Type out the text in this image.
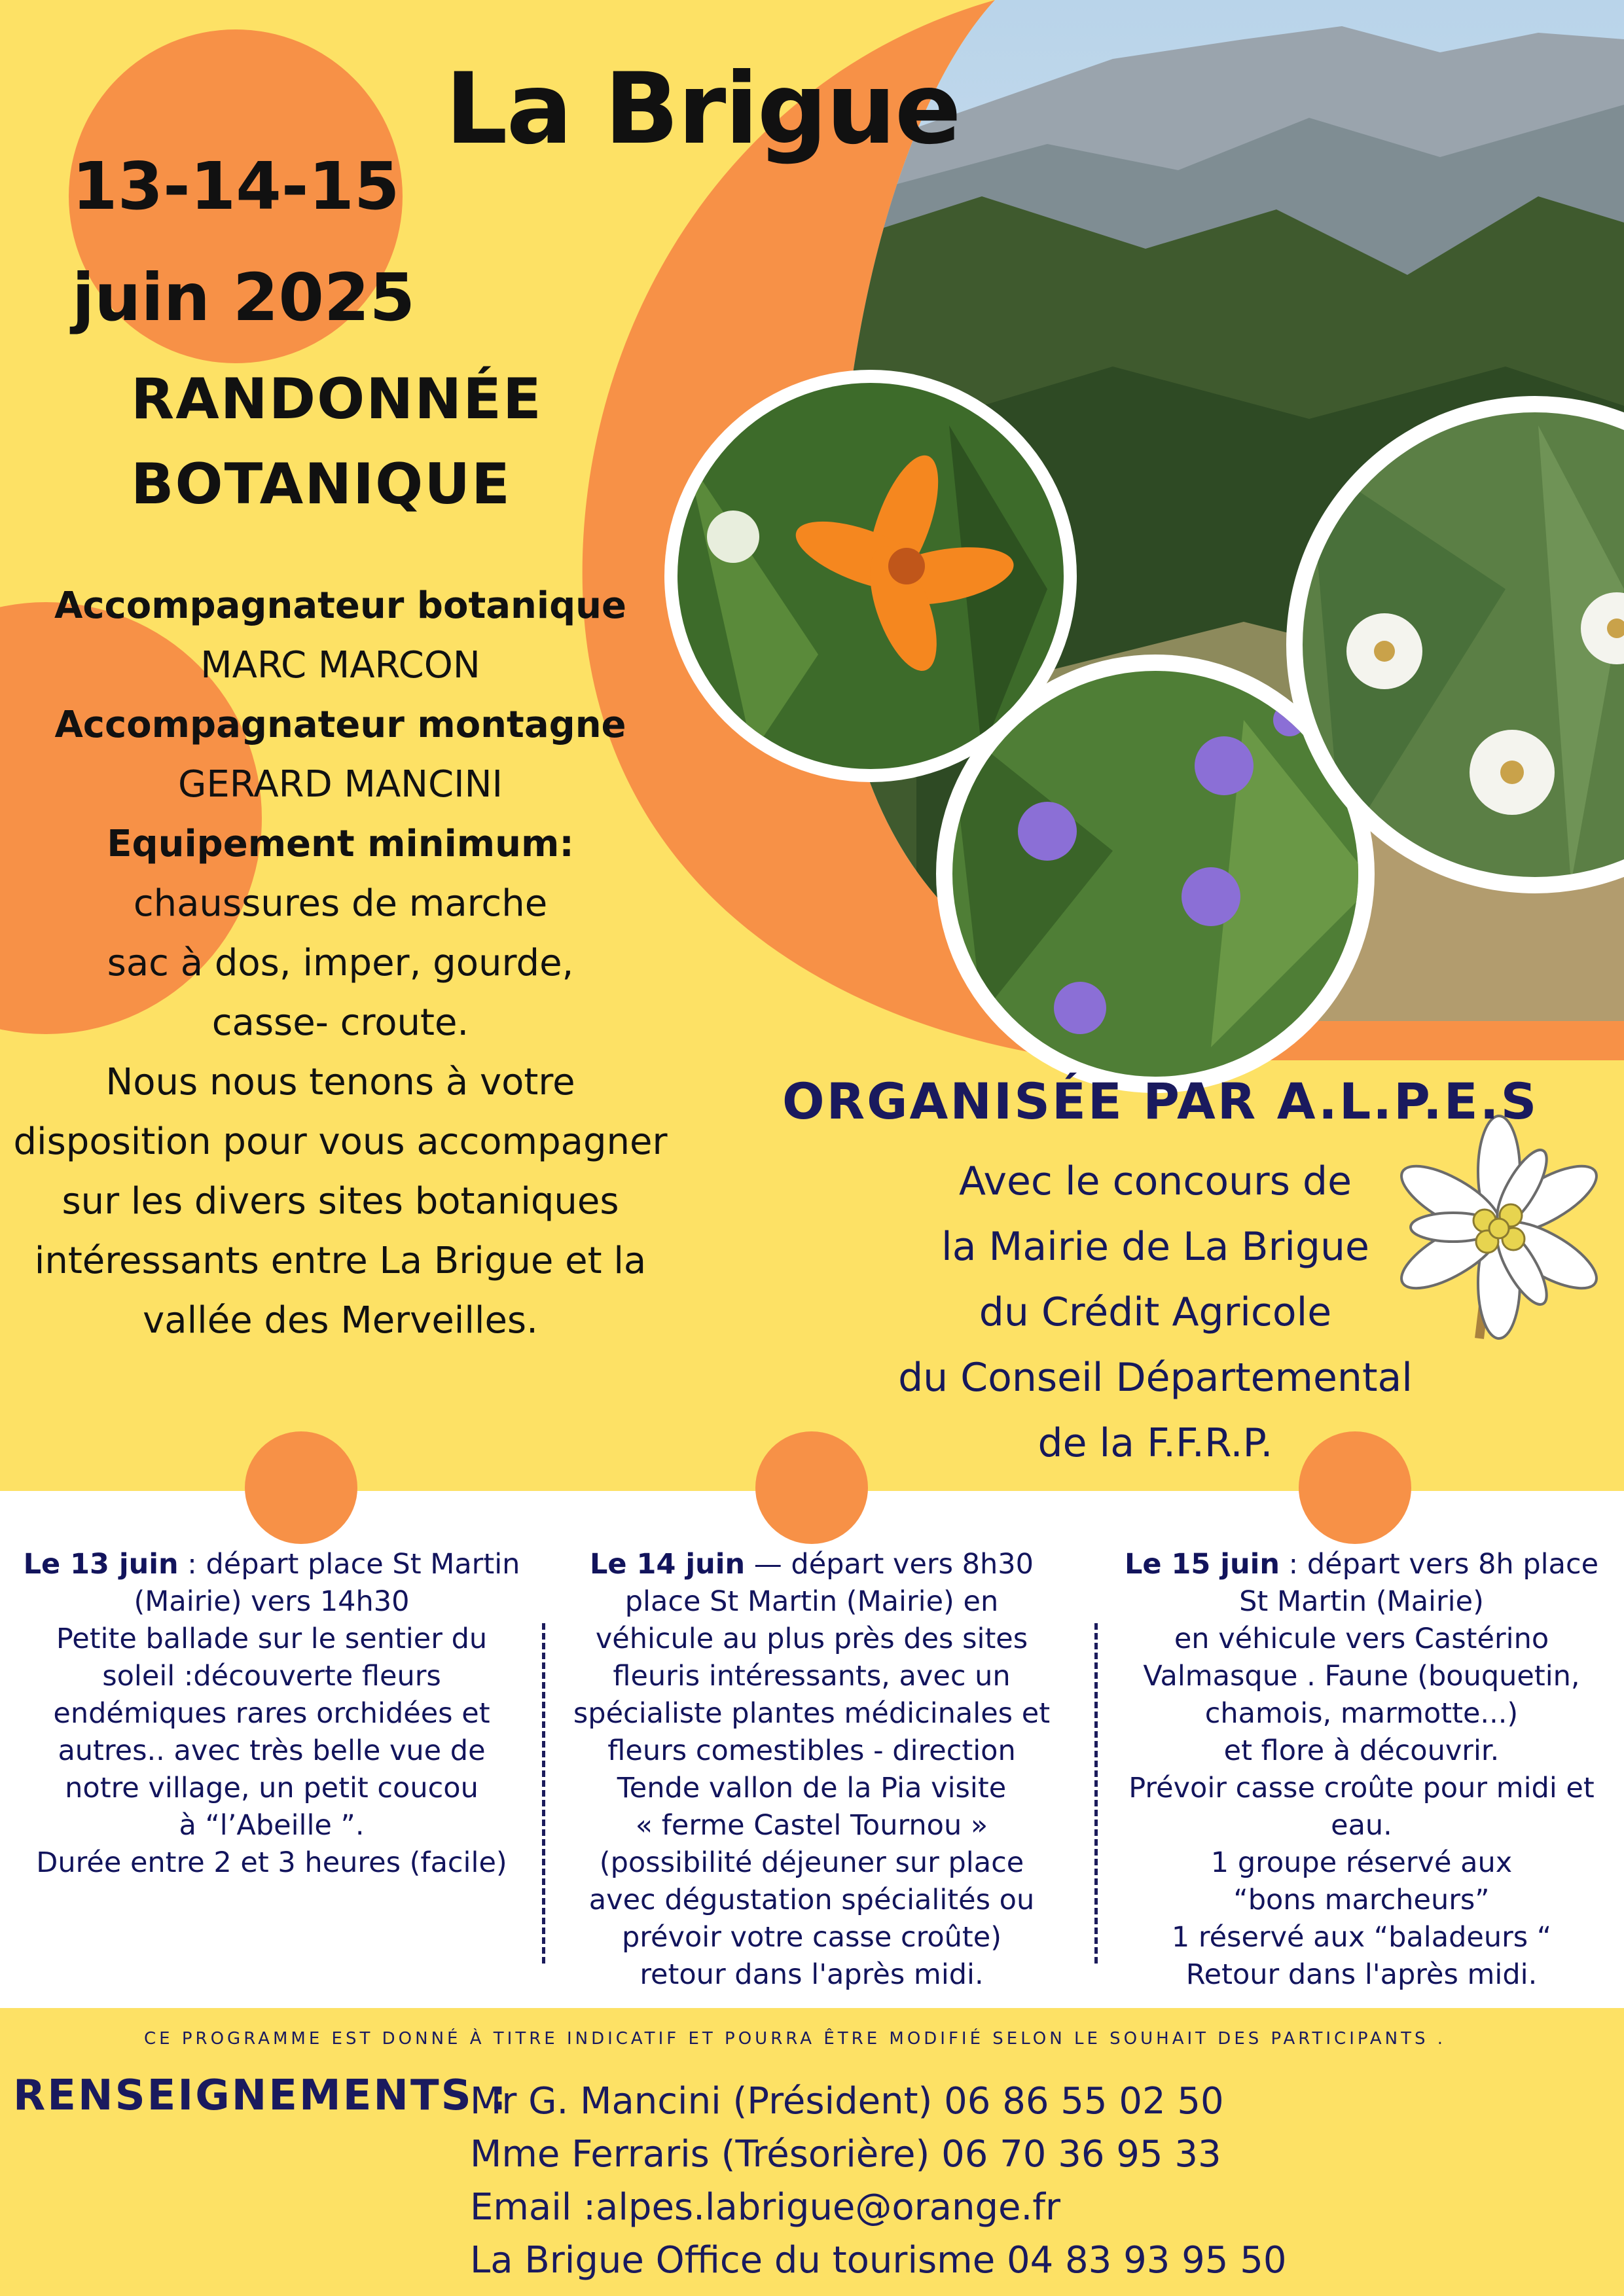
La Brigue
13-14-15
juin 2025
RANDONNÉE
BOTANIQUE
Accompagnateur botanique
MARC MARCON
Accompagnateur montagne
GERARD MANCINI
Equipement minimum:
chaussures de marche
sac à dos, imper, gourde,
casse- croute.
Nous nous tenons à votre
disposition pour vous accompagner
sur les divers sites botaniques
intéressants entre La Brigue et la
vallée des Merveilles.
ORGANISÉE PAR A.L.P.E.S
Avec le concours de
la Mairie de La Brigue
du Crédit Agricole
du Conseil Départemental
de la F.F.R.P.
Le 13 juin : départ place St Martin
(Mairie) vers 14h30
Petite ballade sur le sentier du
soleil :découverte fleurs
endémiques rares orchidées et
autres.. avec très belle vue de
notre village, un petit coucou
à “l’Abeille ”.
Durée entre 2 et 3 heures (facile)
Le 14 juin — départ vers 8h30
place St Martin (Mairie) en
véhicule au plus près des sites
fleuris intéressants, avec un
spécialiste plantes médicinales et
fleurs comestibles - direction
Tende vallon de la Pia visite
« ferme Castel Tournou »
(possibilité déjeuner sur place
avec dégustation spécialités ou
prévoir votre casse croûte)
retour dans l'après midi.
Le 15 juin : départ vers 8h place
St Martin (Mairie)
en véhicule vers Castérino
Valmasque . Faune (bouquetin,
chamois, marmotte...)
et flore à découvrir.
Prévoir casse croûte pour midi et
eau.
1 groupe réservé aux
“bons marcheurs”
1 réservé aux “baladeurs “
Retour dans l'après midi.
CE PROGRAMME EST DONNÉ À TITRE INDICATIF ET POURRA ÊTRE MODIFIÉ SELON LE SOUHAIT DES PARTICIPANTS .
RENSEIGNEMENTS :
Mr G. Mancini (Président) 06 86 55 02 50
Mme Ferraris (Trésorière) 06 70 36 95 33
Email :alpes.labrigue@orange.fr
La Brigue Office du tourisme 04 83 93 95 50
